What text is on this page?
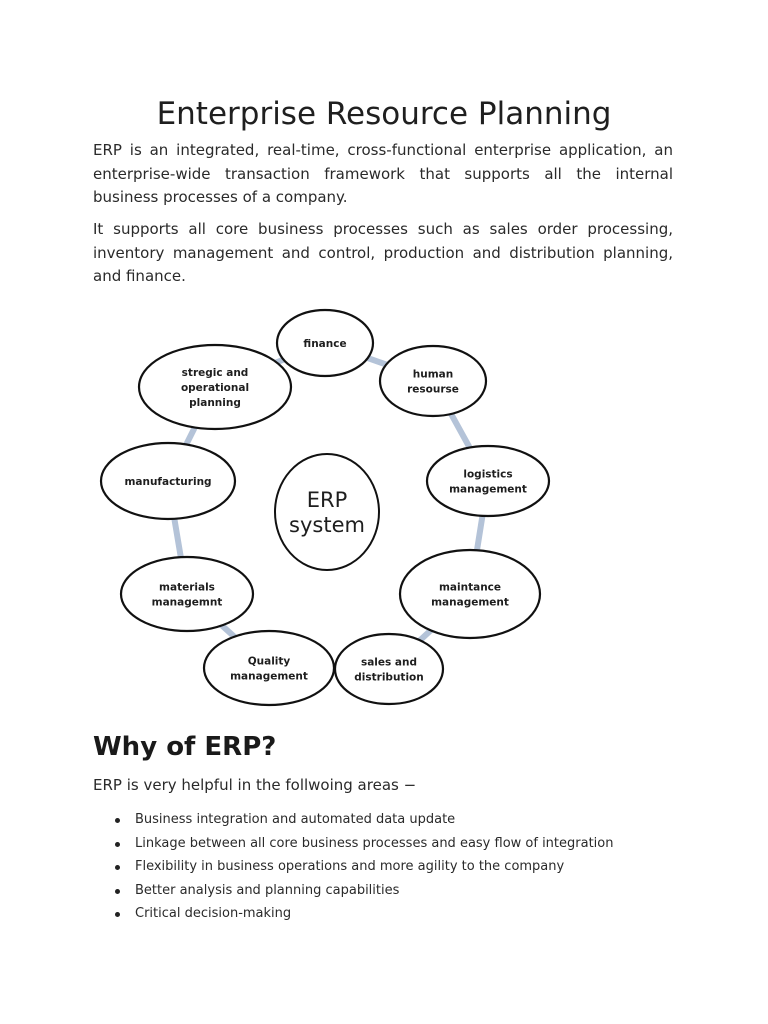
Enterprise Resource Planning

ERP is an integrated, real-time, cross-functional enterprise application, an enterprise-wide transaction framework that supports all the internal business processes of a company.

It supports all core business processes such as sales order processing, inventory management and control, production and distribution planning, and finance.

finance
human
resourse
logistics
management
maintance
management
sales and
distribution
Quality
management
materials
managemnt
manufacturing
stregic and
operational
planning
ERP
system
Why of ERP?

ERP is very helpful in the follwoing areas −

Business integration and automated data update
Linkage between all core business processes and easy flow of integration
Flexibility in business operations and more agility to the company
Better analysis and planning capabilities
Critical decision-making
